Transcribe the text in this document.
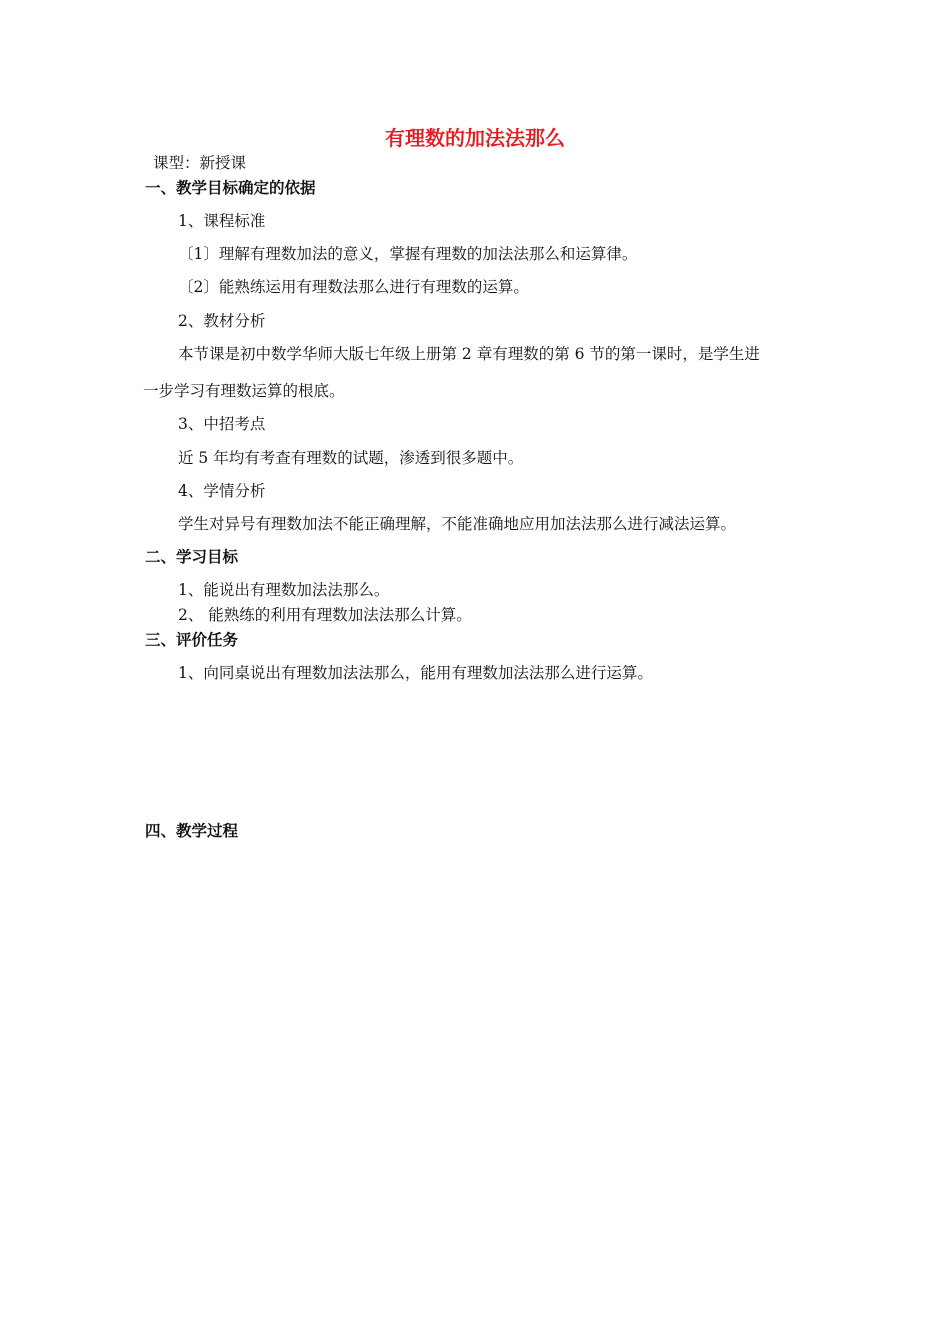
有理数的加法法那么
课型：新授课
一、教学目标确定的依据
1、课程标准
〔1〕理解有理数加法的意义，掌握有理数的加法法那么和运算律。
〔2〕能熟练运用有理数法那么进行有理数的运算。
2、教材分析
本节课是初中数学华师大版七年级上册第 2 章有理数的第 6 节的第一课时，是学生进
一步学习有理数运算的根底。
3、中招考点
近 5 年均有考查有理数的试题，渗透到很多题中。
4、学情分析
学生对异号有理数加法不能正确理解，不能准确地应用加法法那么进行减法运算。
二、学习目标
1、能说出有理数加法法那么。
2、 能熟练的利用有理数加法法那么计算。
三、评价任务
1、向同桌说出有理数加法法那么，能用有理数加法法那么进行运算。
四、教学过程
